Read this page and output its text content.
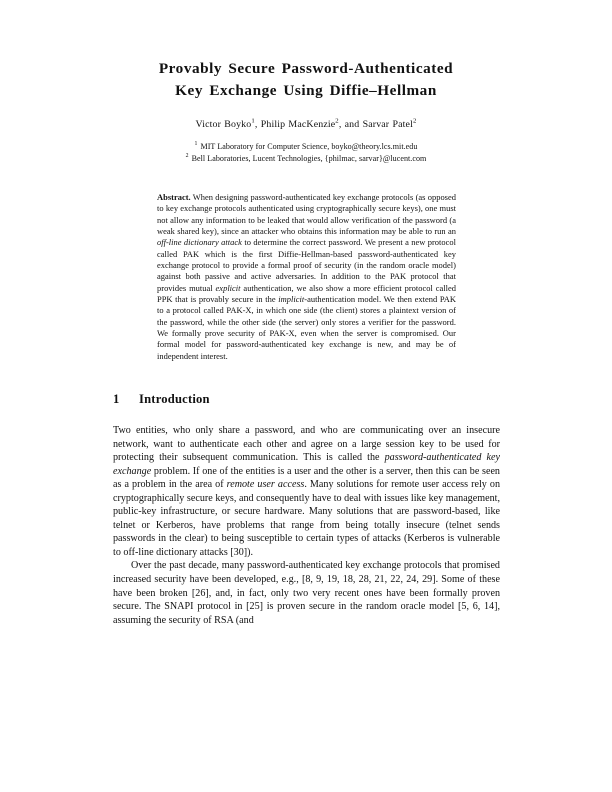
Provably Secure Password-Authenticated
Key Exchange Using Diffie–Hellman
Victor Boyko$^1$, Philip MacKenzie$^2$, and Sarvar Patel$^2$
$^1$ MIT Laboratory for Computer Science, boyko@theory.lcs.mit.edu
$^2$ Bell Laboratories, Lucent Technologies, {philmac, sarvar}@lucent.com
Abstract. When designing password-authenticated key exchange protocols (as opposed to key exchange protocols authenticated using cryptographically secure keys), one must not allow any information to be leaked that would allow verification of the password (a weak shared key), since an attacker who obtains this information may be able to run an off-line dictionary attack to determine the correct password. We present a new protocol called PAK which is the first Diffie-Hellman-based password-authenticated key exchange protocol to provide a formal proof of security (in the random oracle model) against both passive and active adversaries. In addition to the PAK protocol that provides mutual explicit authentication, we also show a more efficient protocol called PPK that is provably secure in the implicit-authentication model. We then extend PAK to a protocol called PAK-X, in which one side (the client) stores a plaintext version of the password, while the other side (the server) only stores a verifier for the password. We formally prove security of PAK-X, even when the server is compromised. Our formal model for password-authenticated key exchange is new, and may be of independent interest.
1 Introduction

Two entities, who only share a password, and who are communicating over an insecure network, want to authenticate each other and agree on a large session key to be used for protecting their subsequent communication. This is called the password-authenticated key exchange problem. If one of the entities is a user and the other is a server, then this can be seen as a problem in the area of remote user access. Many solutions for remote user access rely on cryptographically secure keys, and consequently have to deal with issues like key management, public-key infrastructure, or secure hardware. Many solutions that are password-based, like telnet or Kerberos, have problems that range from being totally insecure (telnet sends passwords in the clear) to being susceptible to certain types of attacks (Kerberos is vulnerable to off-line dictionary attacks [30]).

Over the past decade, many password-authenticated key exchange protocols that promised increased security have been developed, e.g., [8, 9, 19, 18, 28, 21, 22, 24, 29]. Some of these have been broken [26], and, in fact, only two very recent ones have been formally proven secure. The SNAPI protocol in [25] is proven secure in the random oracle model [5, 6, 14], assuming the security of RSA (and
